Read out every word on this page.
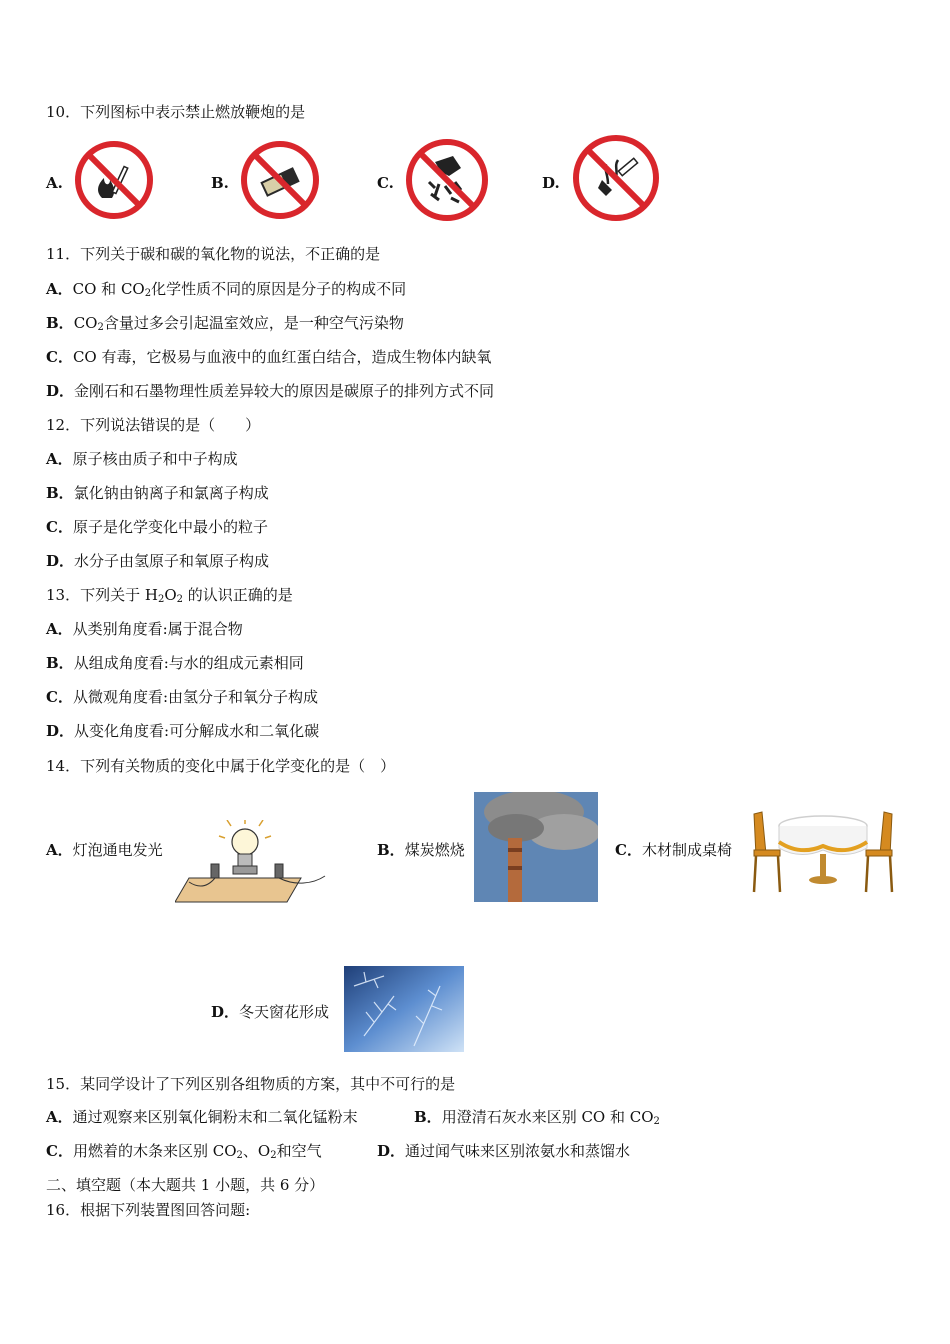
10．下列图标中表示禁止燃放鞭炮的是
A.	B.	C.	D.
11．下列关于碳和碳的氧化物的说法，不正确的是
A．CO 和 $CO_2$化学性质不同的原因是分子的构成不同
B．$CO_2$含量过多会引起温室效应，是一种空气污染物
C．CO 有毒，它极易与血液中的血红蛋白结合，造成生物体内缺氧
D．金刚石和石墨物理性质差异较大的原因是碳原子的排列方式不同
12．下列说法错误的是（　　）
A．原子核由质子和中子构成
B．氯化钠由钠离子和氯离子构成
C．原子是化学变化中最小的粒子
D．水分子由氢原子和氧原子构成
13．下列关于 $H_2O_2$ 的认识正确的是
A．从类别角度看:属于混合物
B．从组成角度看:与水的组成元素相同
C．从微观角度看:由氢分子和氧分子构成
D．从变化角度看:可分解成水和二氧化碳
14．下列有关物质的变化中属于化学变化的是（　）
A．灯泡通电发光	B．煤炭燃烧	C．木材制成桌椅
D．冬天窗花形成
15．某同学设计了下列区别各组物质的方案，其中不可行的是
A．通过观察来区别氧化铜粉末和二氧化锰粉末	B．用澄清石灰水来区别 CO 和 $CO_2$
C．用燃着的木条来区别 $CO_2$、$O_2$和空气	D．通过闻气味来区别浓氨水和蒸馏水
二、填空题（本大题共 1 小题，共 6 分）
16．根据下列装置图回答问题:
